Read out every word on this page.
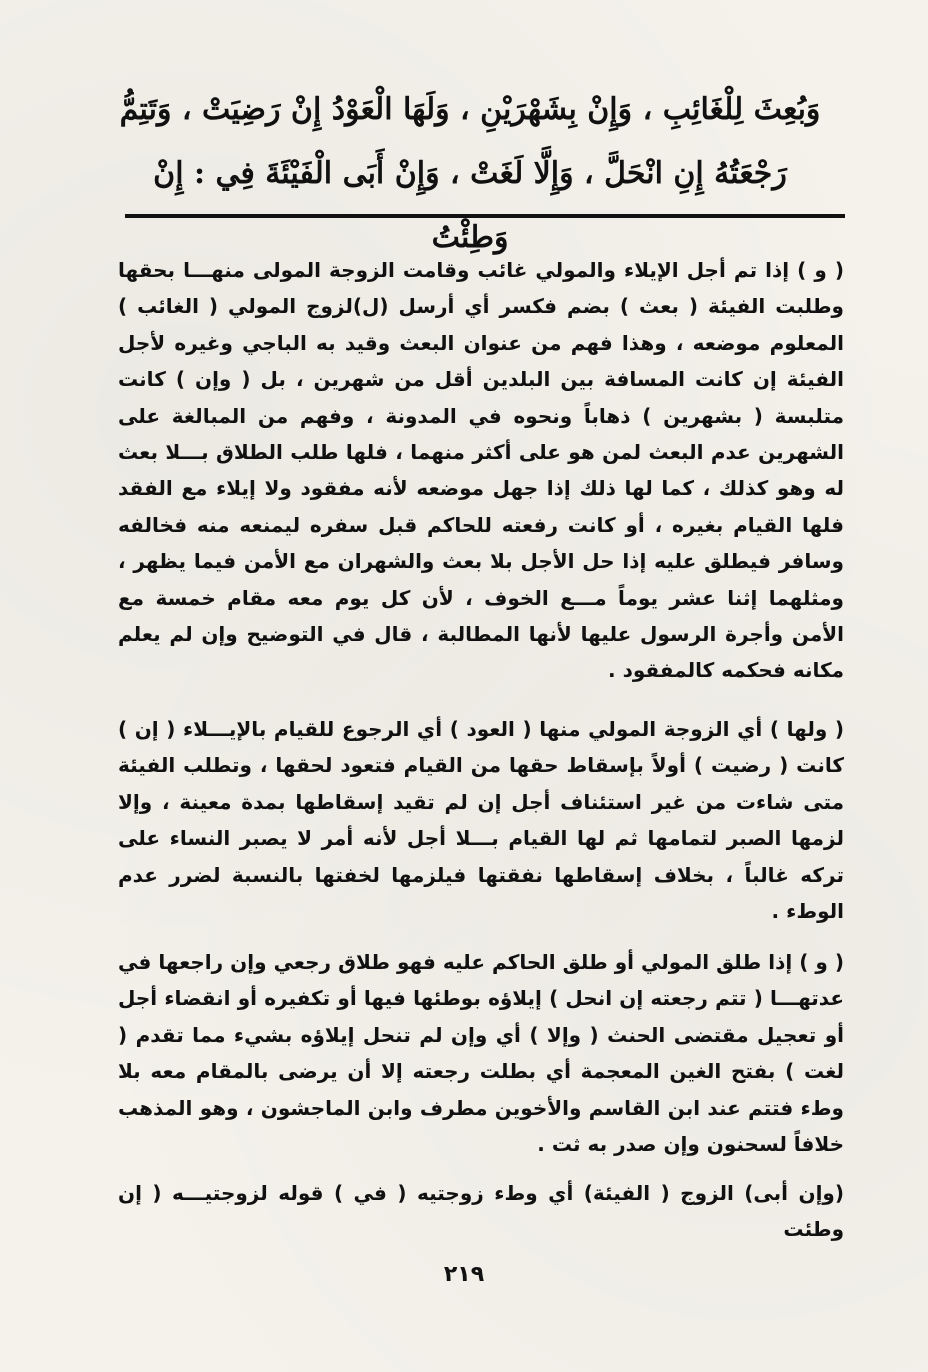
وَبُعِثَ لِلْغَائِبِ ، وَإِنْ بِشَهْرَيْنِ ، وَلَهَا الْعَوْدُ إِنْ رَضِيَتْ ، وَتَتِمُّ
رَجْعَتُهُ إِنِ انْحَلَّ ، وَإِلَّا لَغَتْ ، وَإِنْ أَبَى الْفَيْئَةَ فِي : إِنْ وَطِئْتُ

( و ) إذا تم أجل الإيلاء والمولي غائب وقامت الزوجة المولى منهـــا بحقها وطلبت الفيئة ( بعث ) بضم فكسر أي أرسل (ل)لزوج المولي ( الغائب ) المعلوم موضعه ، وهذا فهم من عنوان البعث وقيد به الباجي وغيره لأجل الفيئة إن كانت المسافة بين البلدين أقل من شهرين ، بل ( وإن ) كانت متلبسة ( بشهرين ) ذهاباً ونحوه في المدونة ، وفهم من المبالغة على الشهرين عدم البعث لمن هو على أكثر منهما ، فلها طلب الطلاق بـــلا بعث له وهو كذلك ، كما لها ذلك إذا جهل موضعه لأنه مفقود ولا إيلاء مع الفقد فلها القيام بغيره ، أو كانت رفعته للحاكم قبل سفره ليمنعه منه فخالفه وسافر فيطلق عليه إذا حل الأجل بلا بعث والشهران مع الأمن فيما يظهر ، ومثلهما إثنا عشر يوماً مـــع الخوف ، لأن كل يوم معه مقام خمسة مع الأمن وأجرة الرسول عليها لأنها المطالبة ، قال في التوضيح وإن لم يعلم مكانه فحكمه كالمفقود .

( ولها ) أي الزوجة المولي منها ( العود ) أي الرجوع للقيام بالإيـــلاء ( إن ) كانت ( رضيت ) أولاً بإسقاط حقها من القيام فتعود لحقها ، وتطلب الفيئة متى شاءت من غير استئناف أجل إن لم تقيد إسقاطها بمدة معينة ، وإلا لزمها الصبر لتمامها ثم لها القيام بـــلا أجل لأنه أمر لا يصبر النساء على تركه غالباً ، بخلاف إسقاطها نفقتها فيلزمها لخفتها بالنسبة لضرر عدم الوطء .

( و ) إذا طلق المولي أو طلق الحاكم عليه فهو طلاق رجعي وإن راجعها في عدتهـــا ( تتم رجعته إن انحل ) إيلاؤه بوطئها فيها أو تكفيره أو انقضاء أجل أو تعجيل مقتضى الحنث ( وإلا ) أي وإن لم تنحل إيلاؤه بشيء مما تقدم ( لغت ) بفتح الغين المعجمة أي بطلت رجعته إلا أن يرضى بالمقام معه بلا وطء فتتم عند ابن القاسم والأخوين مطرف وابن الماجشون ، وهو المذهب خلافاً لسحنون وإن صدر به ثت .

(وإن أبى) الزوج ( الفيئة) أي وطء زوجتيه ( في ) قوله لزوجتيـــه ( إن وطئت

٢١٩
